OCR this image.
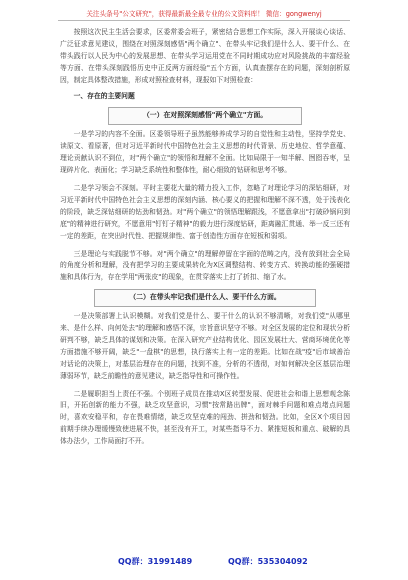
关注头条号"公文研究"，获得最新最全最专业的公文资料库！ 微信：gongwenyj

按照这次民主生活会要求，区委常委会班子，紧密结合思想工作实际，深入开展谈心谈话、广泛征求意见建议，围绕在对照深刻感悟"两个确立"、在带头牢记我们是什么人、要干什么、在带头践行以人民为中心的发展思想、在带头学习运用党在不同时期成功应对风险挑战的丰富经验等方面、在带头深刻践悟历史中正反两方面经验"五个方面，认真查摆存在的问题，深刻剖析原因，制定具体整改措施，形成对照检查材料，现报如下对照检查：

一、存在的主要问题
（一）在对照深刻感悟"两个确立"方面。

一是学习的内容不全面。区委领导班子虽然能够养成学习的自觉性和主动性，坚持学党史、读原文、看原著，但对习近平新时代中国特色社会主义思想的时代背景、历史地位、哲学意蕴、理论贡献认识不到位，对"两个确立"的领悟和理解不全面。比如局限于一知半解、囫囵吞枣，呈现碎片化、表面化；学习缺乏系统性和整体性，耐心细致的钻研和思考不够。

二是学习领会不深刻。平时主要花大量的精力投入工作，忽略了对理论学习的深钻细研，对习近平新时代中国特色社会主义思想的深刻内涵、核心要义的把握和理解不深不透，处于浅表化的阶段，缺乏深钻细研的钻劲和韧劲。对"两个确立"的领悟理解跟浅，不愿意拿出"打破砂锅问到底"的精神进行研究，不愿意用"钉钉子精神"的毅力进行深度钻研，距离融汇贯通、举一反三还有一定的差距，在突出时代性、把握规律性、富于创造性方面存在短板和弱项。

三是理论与实践脱节不够。对"两个确立"的理解停留在字面的范畴之内，没有放到社会全局的角度分析和理解，没有把学习的主要成果转化为X区调整结构、转变方式、转换动能的强硬措施和具体行为，存在学用"两张皮"的现象，在贯穿落实上打了折扣、缩了水。

（二）在带头牢记我们是什么人、要干什么方面。

一是决策部署上认识模糊。对我们党是什么、要干什么的认识不够清晰，对我们党"从哪里来、是什么样、向何处去"的理解和感悟不深，宗旨意识坚守不够。对全区发展的定位和现状分析研判不够，缺乏具体的谋划和决策。在深入研究产业结构优化、园区发展壮大、营商环境优化等方面措施不够开阔，缺乏"一盘棋"的思想，执行落实上有一定的差距。比如在战"疫"后市域善治对话论的决策上，对基层治理存在的问题，找到不准，分析的不透彻，对如何解决全区基层治理薄弱环节，缺乏前瞻性的意见建议，缺乏指导性和可操作性。

二是履职担当上责任不强。个别班子成员在推动X区转型发展、促进社会和谐上思想观念陈旧，开拓创新的能力不强，缺乏攻坚意识，习惯"按常路出牌"，面对棘手问题和难点堵点问题时，喜欢安稳平和，存在畏难情绪，缺乏攻坚克难的闯劲、拼劲和韧劲。比如，全区X个项目因前期手续办理缓慢致使进展不快，甚至没有开工，对某些指导不力、紧推短板和重点、破解的具体办法少，工作局面打不开。

QQ群：31991489	QQ群：535304092
